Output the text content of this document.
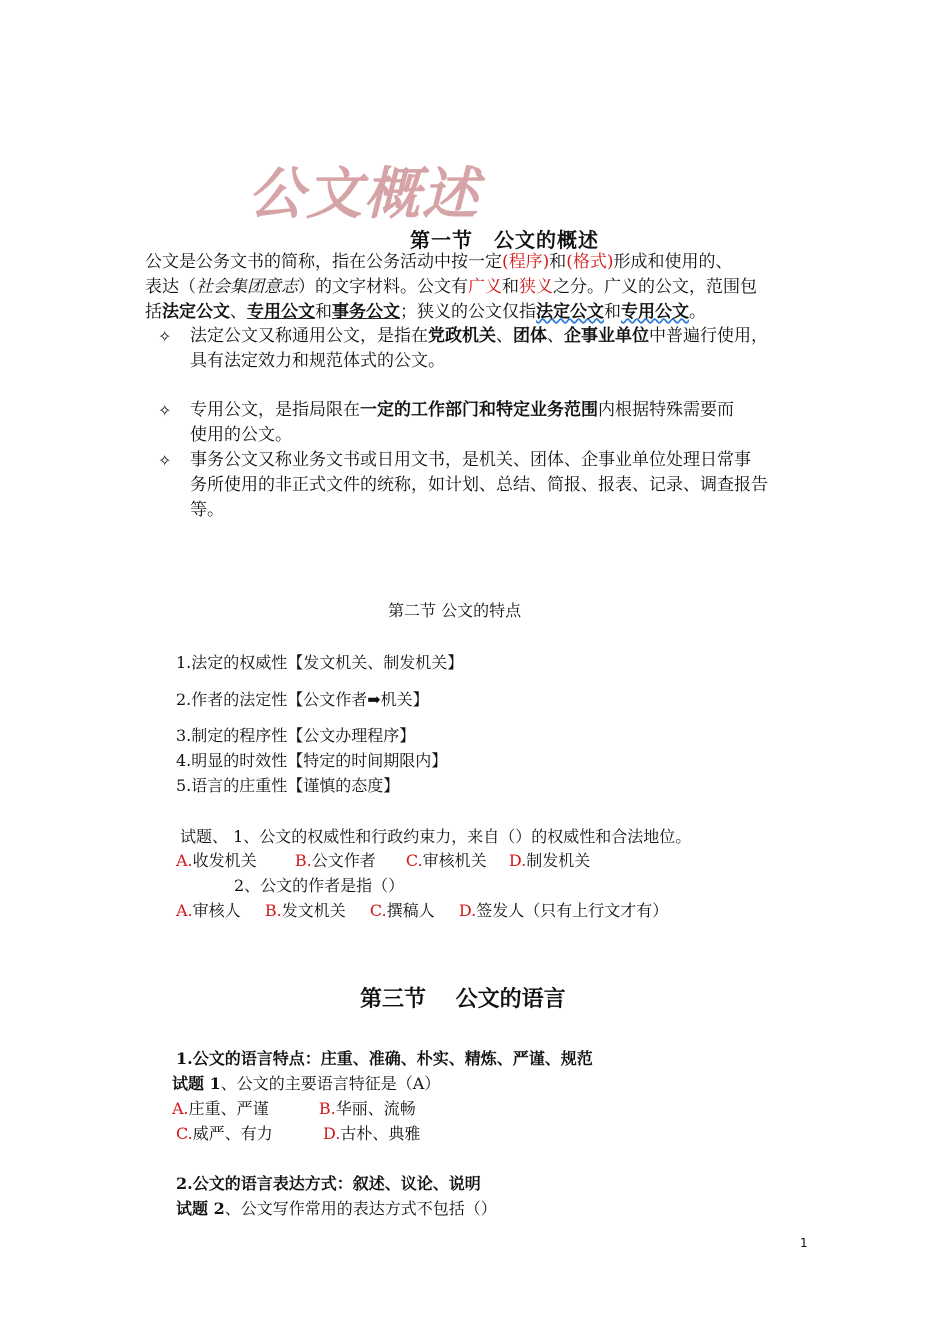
公文概述
第一节　公文的概述
公文是公务文书的简称，指在公务活动中按一定(程序)和(格式)形成和使用的、
表达（社会集团意志）的文字材料。公文有广义和狭义之分。广义的公文，范围包
括法定公文、专用公文和事务公文；狭义的公文仅指法定公文和专用公文。
✧ 法定公文又称通用公文，是指在党政机关、团体、企事业单位中普遍行使用，
具有法定效力和规范体式的公文。
✧ 专用公文，是指局限在一定的工作部门和特定业务范围内根据特殊需要而
使用的公文。
✧ 事务公文又称业务文书或日用文书，是机关、团体、企事业单位处理日常事
务所使用的非正式文件的统称，如计划、总结、简报、报表、记录、调查报告
等。
第二节 公文的特点
1.法定的权威性【发文机关、制发机关】
2.作者的法定性【公文作者➡机关】
3.制定的程序性【公文办理程序】
4.明显的时效性【特定的时间期限内】
5.语言的庄重性【谨慎的态度】
试题、 1、公文的权威性和行政约束力，来自（）的权威性和合法地位。
A.收发机关 B.公文作者 C.审核机关 D.制发机关
2、公文的作者是指（）
A.审核人 B.发文机关 C.撰稿人 D.签发人（只有上行文才有）
第三节　 公文的语言
1.公文的语言特点：庄重、准确、朴实、精炼、严谨、规范
试题 1、公文的主要语言特征是（A）
A.庄重、严谨	B.华丽、流畅
C.威严、有力	D.古朴、典雅
2.公文的语言表达方式：叙述、议论、说明
试题 2、公文写作常用的表达方式不包括（）
1
